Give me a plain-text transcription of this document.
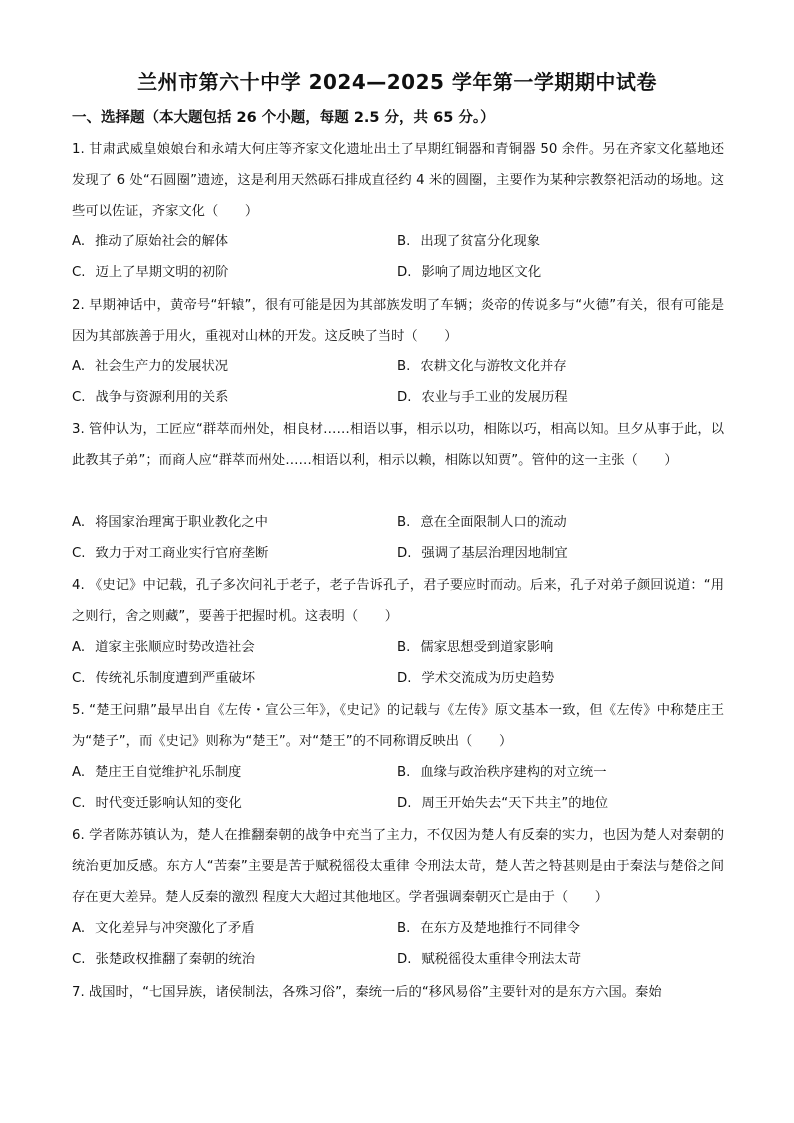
兰州市第六十中学 2024—2025 学年第一学期期中试卷
一、选择题（本大题包括 26 个小题，每题 2.5 分，共 65 分。）
1. 甘肃武威皇娘娘台和永靖大何庄等齐家文化遗址出土了早期红铜器和青铜器 50 余件。另在齐家文化墓地还发现了 6 处“石圆圈”遗迹，这是利用天然砾石排成直径约 4 米的圆圈，主要作为某种宗教祭祀活动的场地。这些可以佐证，齐家文化（　　）
A. 推动了原始社会的解体	B. 出现了贫富分化现象
C. 迈上了早期文明的初阶	D. 影响了周边地区文化
2. 早期神话中，黄帝号“轩辕”，很有可能是因为其部族发明了车辆；炎帝的传说多与“火德”有关，很有可能是因为其部族善于用火，重视对山林的开发。这反映了当时（　　）
A. 社会生产力的发展状况	B. 农耕文化与游牧文化并存
C. 战争与资源利用的关系	D. 农业与手工业的发展历程
3. 管仲认为，工匠应“群萃而州处，相良材……相语以事，相示以功，相陈以巧，相高以知。旦夕从事于此，以此教其子弟”；而商人应“群萃而州处……相语以利，相示以赖，相陈以知贾”。管仲的这一主张（　　）
A. 将国家治理寓于职业教化之中	B. 意在全面限制人口的流动
C. 致力于对工商业实行官府垄断	D. 强调了基层治理因地制宜
4. 《史记》中记载，孔子多次问礼于老子，老子告诉孔子，君子要应时而动。后来，孔子对弟子颜回说道：“用之则行，舍之则藏”，要善于把握时机。这表明（　　）
A. 道家主张顺应时势改造社会	B. 儒家思想受到道家影响
C. 传统礼乐制度遭到严重破坏	D. 学术交流成为历史趋势
5. “楚王问鼎”最早出自《左传・宣公三年》，《史记》的记载与《左传》原文基本一致，但《左传》中称楚庄王为“楚子”，而《史记》则称为“楚王”。对“楚王”的不同称谓反映出（　　）
A. 楚庄王自觉维护礼乐制度	B. 血缘与政治秩序建构的对立统一
C. 时代变迁影响认知的变化	D. 周王开始失去“天下共主”的地位
6. 学者陈苏镇认为，楚人在推翻秦朝的战争中充当了主力，不仅因为楚人有反秦的实力，也因为楚人对秦朝的统治更加反感。东方人“苦秦”主要是苦于赋税徭役太重律 令刑法太苛，楚人苦之特甚则是由于秦法与楚俗之间存在更大差异。楚人反秦的激烈 程度大大超过其他地区。学者强调秦朝灭亡是由于（　　）
A. 文化差异与冲突激化了矛盾	B. 在东方及楚地推行不同律令
C. 张楚政权推翻了秦朝的统治	D. 赋税徭役太重律令刑法太苛
7. 战国时，“七国异族，诸侯制法，各殊习俗”，秦统一后的“移风易俗”主要针对的是东方六国。秦始
